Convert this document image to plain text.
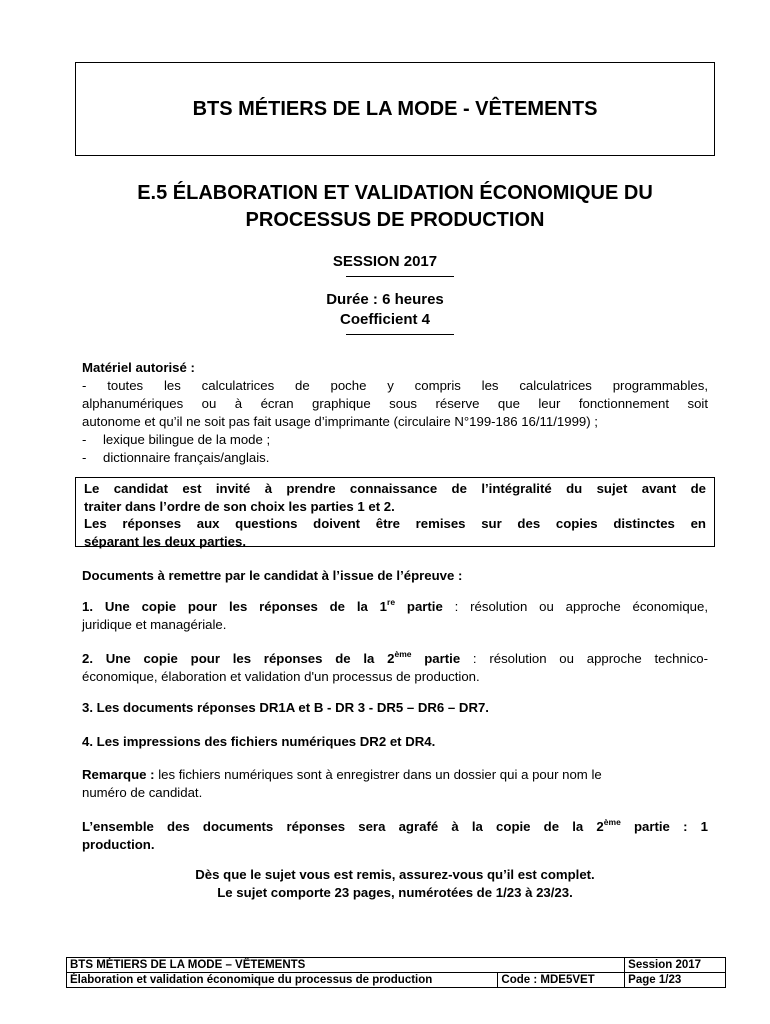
BTS MÉTIERS DE LA MODE - VÊTEMENTS
E.5 ÉLABORATION ET VALIDATION ÉCONOMIQUE DU
PROCESSUS DE PRODUCTION
SESSION 2017
Durée : 6 heures
Coefficient 4
Matériel autorisé :
- toutes les calculatrices de poche y compris les calculatrices programmables,
alphanumériques ou à écran graphique sous réserve que leur fonctionnement soit
autonome et qu’il ne soit pas fait usage d’imprimante (circulaire N°199-186 16/11/1999) ;
- lexique bilingue de la mode ;
- dictionnaire français/anglais.
Le candidat est invité à prendre connaissance de l’intégralité du sujet avant de
traiter dans l’ordre de son choix les parties 1 et 2.
Les réponses aux questions doivent être remises sur des copies distinctes en
séparant les deux parties.
Documents à remettre par le candidat à l’issue de l’épreuve :
1. Une copie pour les réponses de la 1re partie : résolution ou approche économique,
juridique et managériale.
2. Une copie pour les réponses de la 2ème partie : résolution ou approche technico-
économique, élaboration et validation d'un processus de production.
3. Les documents réponses DR1A et B - DR 3 - DR5 – DR6 – DR7.
4. Les impressions des fichiers numériques DR2 et DR4.
Remarque : les fichiers numériques sont à enregistrer dans un dossier qui a pour nom le
numéro de candidat.
L’ensemble des documents réponses sera agrafé à la copie de la 2ème partie : 1
production.
Dès que le sujet vous est remis, assurez-vous qu’il est complet.
Le sujet comporte 23 pages, numérotées de 1/23 à 23/23.
BTS MÉTIERS DE LA MODE – VÊTEMENTS		Session 2017
Élaboration et validation économique du processus de production	Code : MDE5VET	Page 1/23
